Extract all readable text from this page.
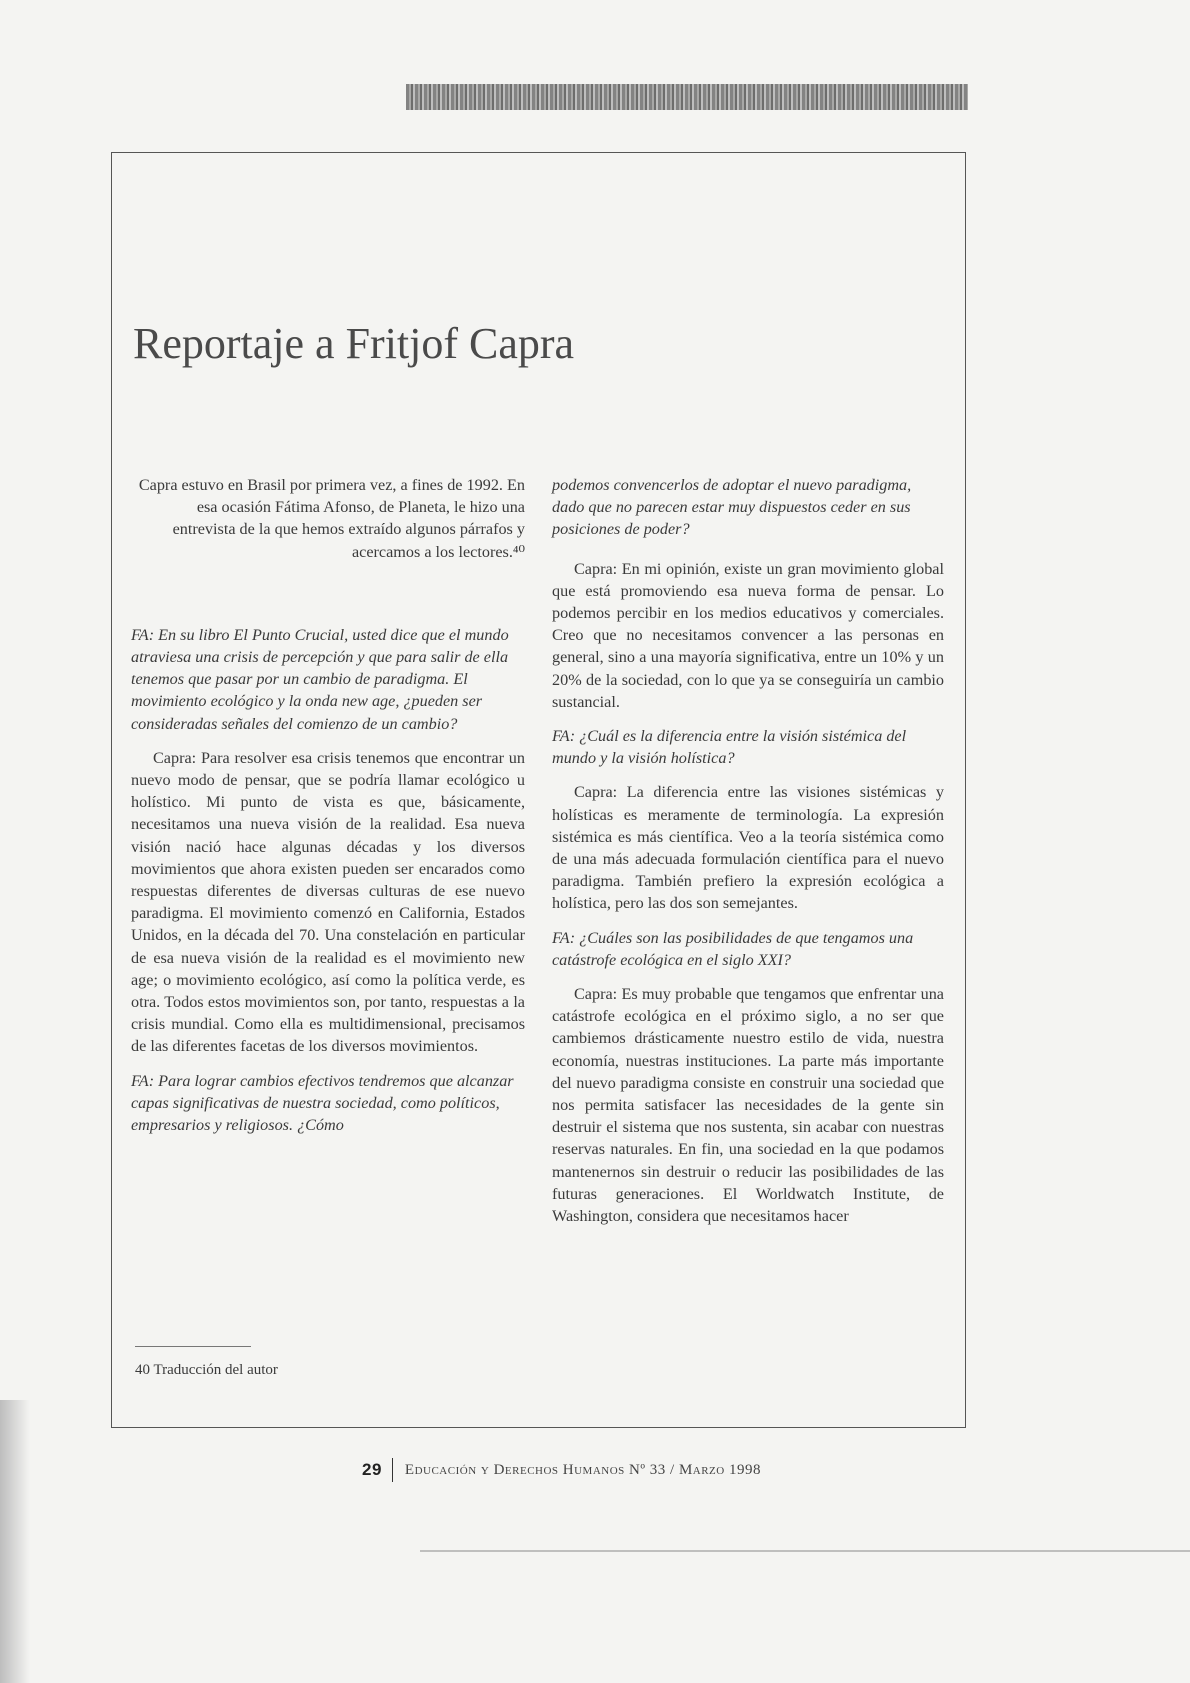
Reportaje a Fritjof Capra

Capra estuvo en Brasil por primera vez, a fines de 1992. En esa ocasión Fátima Afonso, de Planeta, le hizo una entrevista de la que hemos extraído algunos párrafos y acercamos a los lectores.⁴⁰

FA: En su libro El Punto Crucial, usted dice que el mundo atraviesa una crisis de percepción y que para salir de ella tenemos que pasar por un cambio de paradigma. El movimiento ecológico y la onda new age, ¿pueden ser consideradas señales del comienzo de un cambio?

Capra: Para resolver esa crisis tenemos que encontrar un nuevo modo de pensar, que se podría llamar ecológico u holístico. Mi punto de vista es que, básicamente, necesitamos una nueva visión de la realidad. Esa nueva visión nació hace algunas décadas y los diversos movimientos que ahora existen pueden ser encarados como respuestas diferentes de diversas culturas de ese nuevo paradigma. El movimiento comenzó en California, Estados Unidos, en la década del 70. Una constelación en particular de esa nueva visión de la realidad es el movimiento new age; o movimiento ecológico, así como la política verde, es otra. Todos estos movimientos son, por tanto, respuestas a la crisis mundial. Como ella es multidimensional, precisamos de las diferentes facetas de los diversos movimientos.

FA: Para lograr cambios efectivos tendremos que alcanzar capas significativas de nuestra sociedad, como políticos, empresarios y religiosos. ¿Cómo

podemos convencerlos de adoptar el nuevo paradigma, dado que no parecen estar muy dispuestos ceder en sus posiciones de poder?

Capra: En mi opinión, existe un gran movimiento global que está promoviendo esa nueva forma de pensar. Lo podemos percibir en los medios educativos y comerciales. Creo que no necesitamos convencer a las personas en general, sino a una mayoría significativa, entre un 10% y un 20% de la sociedad, con lo que ya se conseguiría un cambio sustancial.

FA: ¿Cuál es la diferencia entre la visión sistémica del mundo y la visión holística?

Capra: La diferencia entre las visiones sistémicas y holísticas es meramente de terminología. La expresión sistémica es más científica. Veo a la teoría sistémica como de una más adecuada formulación científica para el nuevo paradigma. También prefiero la expresión ecológica a holística, pero las dos son semejantes.

FA: ¿Cuáles son las posibilidades de que tengamos una catástrofe ecológica en el siglo XXI?

Capra: Es muy probable que tengamos que enfrentar una catástrofe ecológica en el próximo siglo, a no ser que cambiemos drásticamente nuestro estilo de vida, nuestra economía, nuestras instituciones. La parte más importante del nuevo paradigma consiste en construir una sociedad que nos permita satisfacer las necesidades de la gente sin destruir el sistema que nos sustenta, sin acabar con nuestras reservas naturales. En fin, una sociedad en la que podamos mantenernos sin destruir o reducir las posibilidades de las futuras generaciones. El Worldwatch Institute, de Washington, considera que necesitamos hacer

40 Traducción del autor

29 Educación y Derechos Humanos Nº 33 / Marzo 1998
